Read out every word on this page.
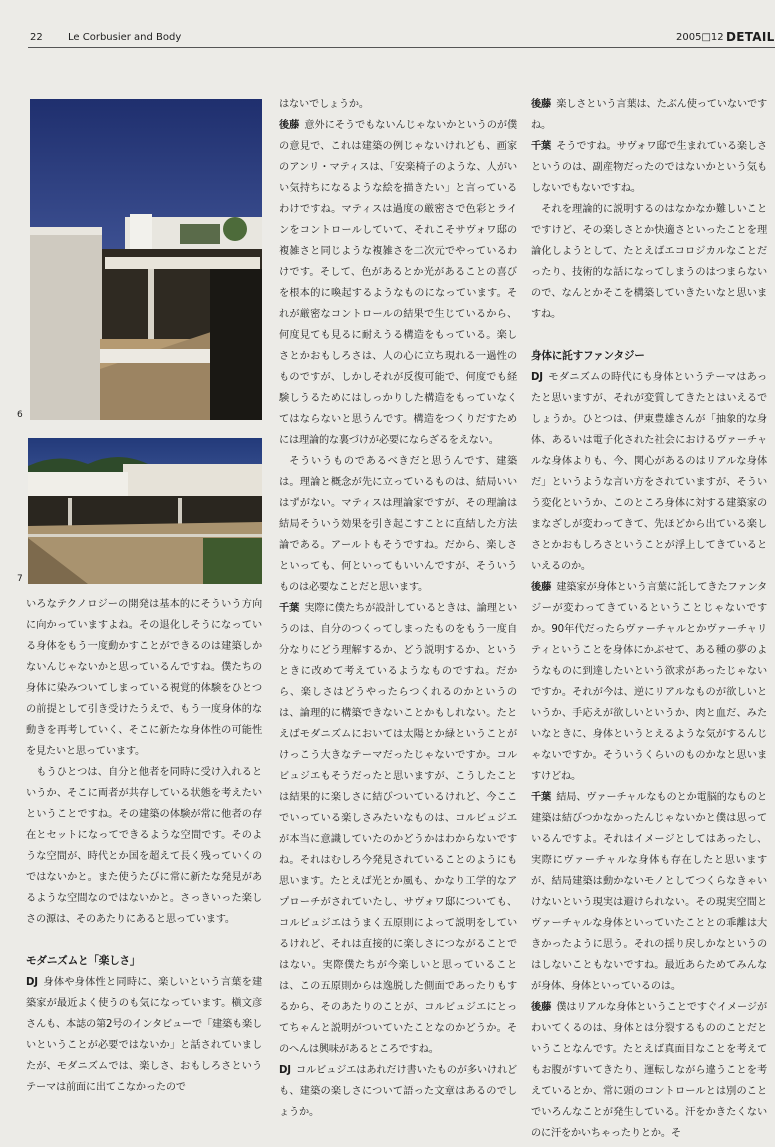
22	Le Corbusier and Body	2005□12 DETAIL
6
7

いろなテクノロジーの開発は基本的にそういう方向に向かっていますよね。その退化しそうになっている身体をもう一度動かすことができるのは建築しかないんじゃないかと思っているんですね。僕たちの身体に染みついてしまっている視覚的体験をひとつの前提として引き受けたうえで、もう一度身体的な動きを再考していく、そこに新たな身体性の可能性を見たいと思っています。

もうひとつは、自分と他者を同時に受け入れるというか、そこに両者が共存している状態を考えたいということですね。その建築の体験が常に他者の存在とセットになってできるような空間です。そのような空間が、時代とか国を超えて長く残っていくのではないかと。また使うたびに常に新たな発見があるような空間なのではないかと。さっきいった楽しさの源は、そのあたりにあると思っています。

モダニズムと「楽しさ」

DJ 身体や身体性と同時に、楽しいという言葉を建築家が最近よく使うのも気になっています。槇文彦さんも、本誌の第2号のインタビューで「建築も楽しいということが必要ではないか」と話されていましたが、モダニズムでは、楽しさ、おもしろさというテーマは前面に出てこなかったので

はないでしょうか。

後藤 意外にそうでもないんじゃないかというのが僕の意見で、これは建築の例じゃないけれども、画家のアンリ・マティスは、「安楽椅子のような、人がいい気持ちになるような絵を描きたい」と言っているわけですね。マティスは過度の厳密さで色彩とラインをコントロールしていて、それこそサヴォワ邸の複雑さと同じような複雑さを二次元でやっているわけです。そして、色があるとか光があることの喜びを根本的に喚起するようなものになっています。それが厳密なコントロールの結果で生じているから、何度見ても見るに耐えうる構造をもっている。楽しさとかおもしろさは、人の心に立ち現れる一過性のものですが、しかしそれが反復可能で、何度でも経験しうるためにはしっかりした構造をもっていなくてはならないと思うんです。構造をつくりだすためには理論的な裏づけが必要にならざるをえない。

そういうものであるべきだと思うんです、建築は。理論と概念が先に立っているものは、結局いいはずがない。マティスは理論家ですが、その理論は結局そういう効果を引き起こすことに直結した方法論である。アールトもそうですね。だから、楽しさといっても、何といってもいいんですが、そういうものは必要なことだと思います。

千葉 実際に僕たちが設計しているときは、論理というのは、自分のつくってしまったものをもう一度自分なりにどう理解するか、どう説明するか、というときに改めて考えているようなものですね。だから、楽しさはどうやったらつくれるのかというのは、論理的に構築できないことかもしれない。たとえばモダニズムにおいては太陽とか緑ということがけっこう大きなテーマだったじゃないですか。コルビュジエもそうだったと思いますが、こうしたことは結果的に楽しさに結びついているけれど、今ここでいっている楽しさみたいなものは、コルビュジエが本当に意識していたのかどうかはわからないですね。それはむしろ今発見されていることのようにも思います。たとえば光とか風も、かなり工学的なアプローチがされていたし、サヴォワ邸についても、コルビュジエはうまく五原則によって説明をしているけれど、それは直接的に楽しさにつながることではない。実際僕たちが今楽しいと思っていることは、この五原則からは逸脱した側面であったりもするから、そのあたりのことが、コルビュジエにとってちゃんと説明がついていたことなのかどうか。そのへんは興味があるところですね。

DJ コルビュジエはあれだけ書いたものが多いけれども、建築の楽しさについて語った文章はあるのでしょうか。

後藤 楽しさという言葉は、たぶん使っていないですね。

千葉 そうですね。サヴォワ邸で生まれている楽しさというのは、副産物だったのではないかという気もしないでもないですね。

それを理論的に説明するのはなかなか難しいことですけど、その楽しさとか快適さといったことを理論化しようとして、たとえばエコロジカルなことだったり、技術的な話になってしまうのはつまらないので、なんとかそこを構築していきたいなと思いますね。

身体に託すファンタジー

DJ モダニズムの時代にも身体というテーマはあったと思いますが、それが変質してきたとはいえるでしょうか。ひとつは、伊東豊雄さんが「抽象的な身体、あるいは電子化された社会におけるヴァーチャルな身体よりも、今、関心があるのはリアルな身体だ」というような言い方をされていますが、そういう変化というか、このところ身体に対する建築家のまなざしが変わってきて、先ほどから出ている楽しさとかおもしろさということが浮上してきているといえるのか。

後藤 建築家が身体という言葉に託してきたファンタジーが変わってきているということじゃないですか。90年代だったらヴァーチャルとかヴァーチャリティということを身体にかぶせて、ある種の夢のようなものに到達したいという欲求があったじゃないですか。それが今は、逆にリアルなものが欲しいというか、手応えが欲しいというか、肉と血だ、みたいなときに、身体というとえるような気がするんじゃないですか。そういうくらいのものかなと思いますけどね。

千葉 結局、ヴァーチャルなものとか電脳的なものと建築は結びつかなかったんじゃないかと僕は思っているんですよ。それはイメージとしてはあったし、実際にヴァーチャルな身体も存在したと思いますが、結局建築は動かないモノとしてつくらなきゃいけないという現実は避けられない。その現実空間とヴァーチャルな身体といっていたこととの乖離は大きかったように思う。それの揺り戻しかなというのはしないこともないですね。最近あらためてみんなが身体、身体といっているのは。

後藤 僕はリアルな身体ということですぐイメージがわいてくるのは、身体とは分裂するもののことだということなんです。たとえば真面目なことを考えてもお腹がすいてきたり、運転しながら違うことを考えているとか、常に頭のコントロールとは別のことでいろんなことが発生している。汗をかきたくないのに汗をかいちゃったりとか。そ
